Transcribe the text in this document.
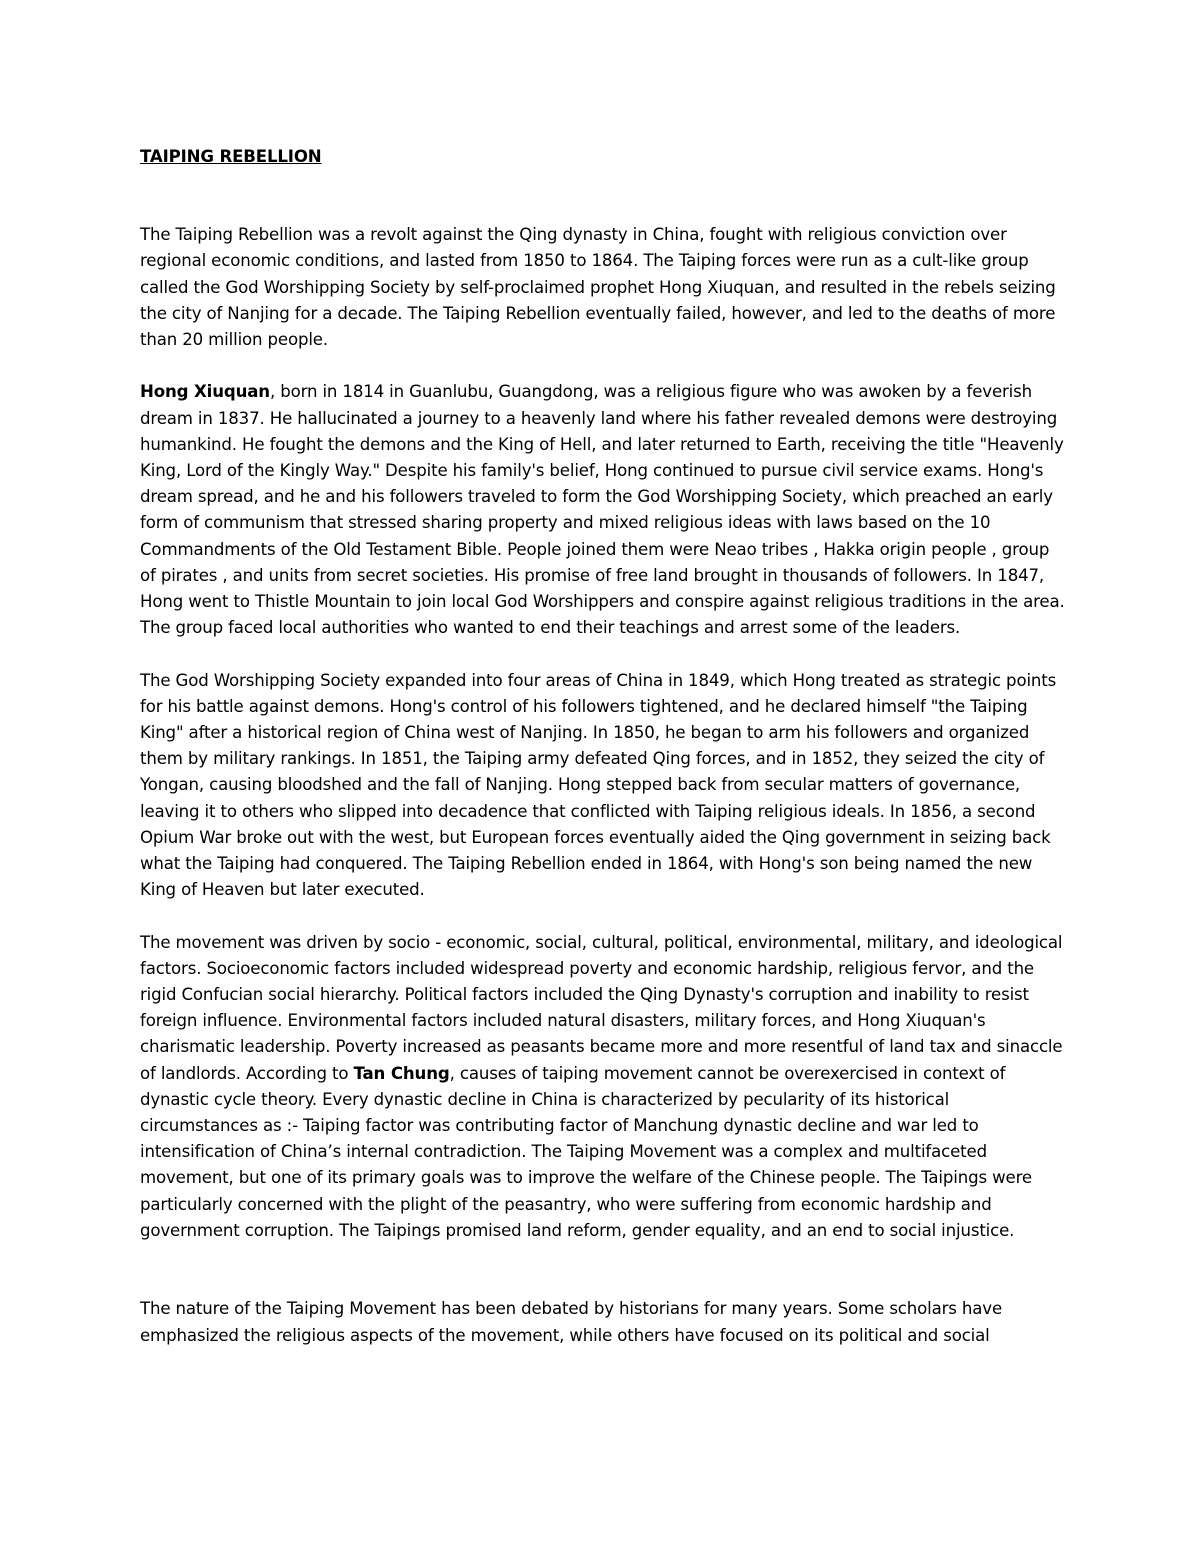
TAIPING REBELLION

The Taiping Rebellion was a revolt against the Qing dynasty in China, fought with religious conviction over regional economic conditions, and lasted from 1850 to 1864. The Taiping forces were run as a cult-like group called the God Worshipping Society by self-proclaimed prophet Hong Xiuquan, and resulted in the rebels seizing the city of Nanjing for a decade. The Taiping Rebellion eventually failed, however, and led to the deaths of more than 20 million people.

Hong Xiuquan, born in 1814 in Guanlubu, Guangdong, was a religious figure who was awoken by a feverish dream in 1837. He hallucinated a journey to a heavenly land where his father revealed demons were destroying humankind. He fought the demons and the King of Hell, and later returned to Earth, receiving the title "Heavenly King, Lord of the Kingly Way." Despite his family's belief, Hong continued to pursue civil service exams. Hong's dream spread, and he and his followers traveled to form the God Worshipping Society, which preached an early form of communism that stressed sharing property and mixed religious ideas with laws based on the 10 Commandments of the Old Testament Bible. People joined them were Neao tribes , Hakka origin people , group of pirates , and units from secret societies. His promise of free land brought in thousands of followers. In 1847, Hong went to Thistle Mountain to join local God Worshippers and conspire against religious traditions in the area. The group faced local authorities who wanted to end their teachings and arrest some of the leaders.

The God Worshipping Society expanded into four areas of China in 1849, which Hong treated as strategic points for his battle against demons. Hong's control of his followers tightened, and he declared himself "the Taiping King" after a historical region of China west of Nanjing. In 1850, he began to arm his followers and organized them by military rankings. In 1851, the Taiping army defeated Qing forces, and in 1852, they seized the city of Yongan, causing bloodshed and the fall of Nanjing. Hong stepped back from secular matters of governance, leaving it to others who slipped into decadence that conflicted with Taiping religious ideals. In 1856, a second Opium War broke out with the west, but European forces eventually aided the Qing government in seizing back what the Taiping had conquered. The Taiping Rebellion ended in 1864, with Hong's son being named the new King of Heaven but later executed.

The movement was driven by socio - economic, social, cultural, political, environmental, military, and ideological factors. Socioeconomic factors included widespread poverty and economic hardship, religious fervor, and the rigid Confucian social hierarchy. Political factors included the Qing Dynasty's corruption and inability to resist foreign influence. Environmental factors included natural disasters, military forces, and Hong Xiuquan's charismatic leadership. Poverty increased as peasants became more and more resentful of land tax and sinaccle of landlords. According to Tan Chung, causes of taiping movement cannot be overexercised in context of dynastic cycle theory. Every dynastic decline in China is characterized by pecularity of its historical circumstances as :- Taiping factor was contributing factor of Manchung dynastic decline and war led to intensification of China’s internal contradiction. The Taiping Movement was a complex and multifaceted movement, but one of its primary goals was to improve the welfare of the Chinese people. The Taipings were particularly concerned with the plight of the peasantry, who were suffering from economic hardship and government corruption. The Taipings promised land reform, gender equality, and an end to social injustice.

The nature of the Taiping Movement has been debated by historians for many years. Some scholars have emphasized the religious aspects of the movement, while others have focused on its political and social
